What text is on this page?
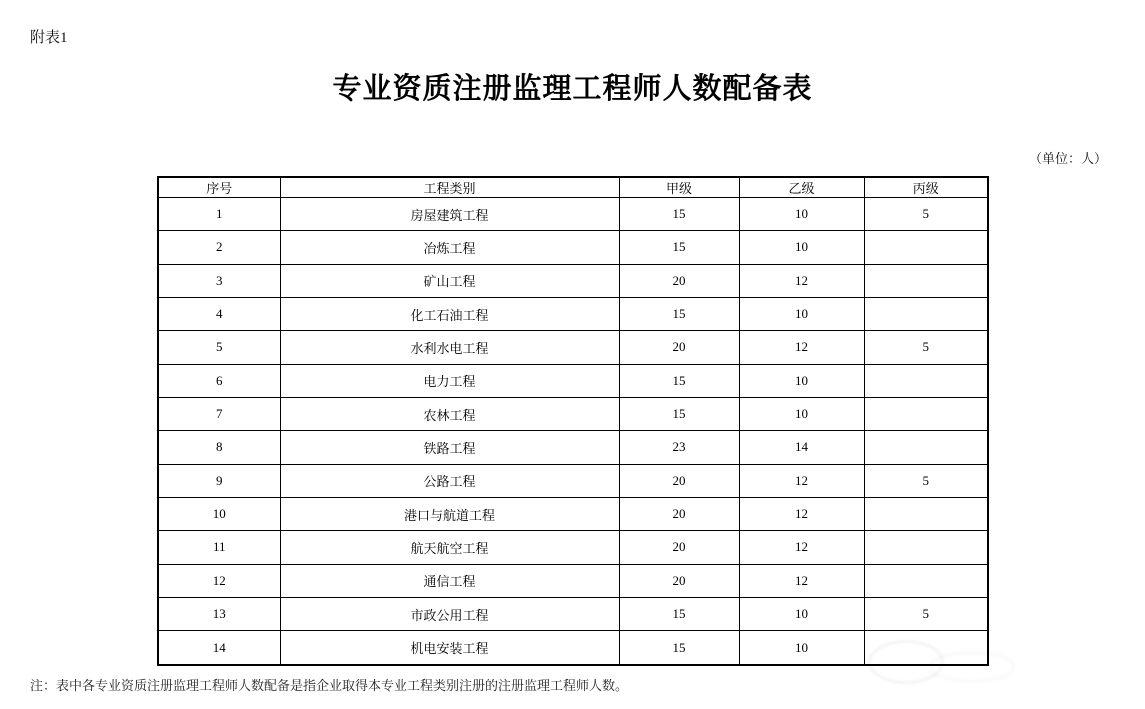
附表1
专业资质注册监理工程师人数配备表
（单位：人）
序号	工程类别	甲级	乙级	丙级
1	房屋建筑工程	15	10	5
2	冶炼工程	15	10	
3	矿山工程	20	12	
4	化工石油工程	15	10	
5	水利水电工程	20	12	5
6	电力工程	15	10	
7	农林工程	15	10	
8	铁路工程	23	14	
9	公路工程	20	12	5
10	港口与航道工程	20	12	
11	航天航空工程	20	12	
12	通信工程	20	12	
13	市政公用工程	15	10	5
14	机电安装工程	15	10	
注：表中各专业资质注册监理工程师人数配备是指企业取得本专业工程类别注册的注册监理工程师人数。
